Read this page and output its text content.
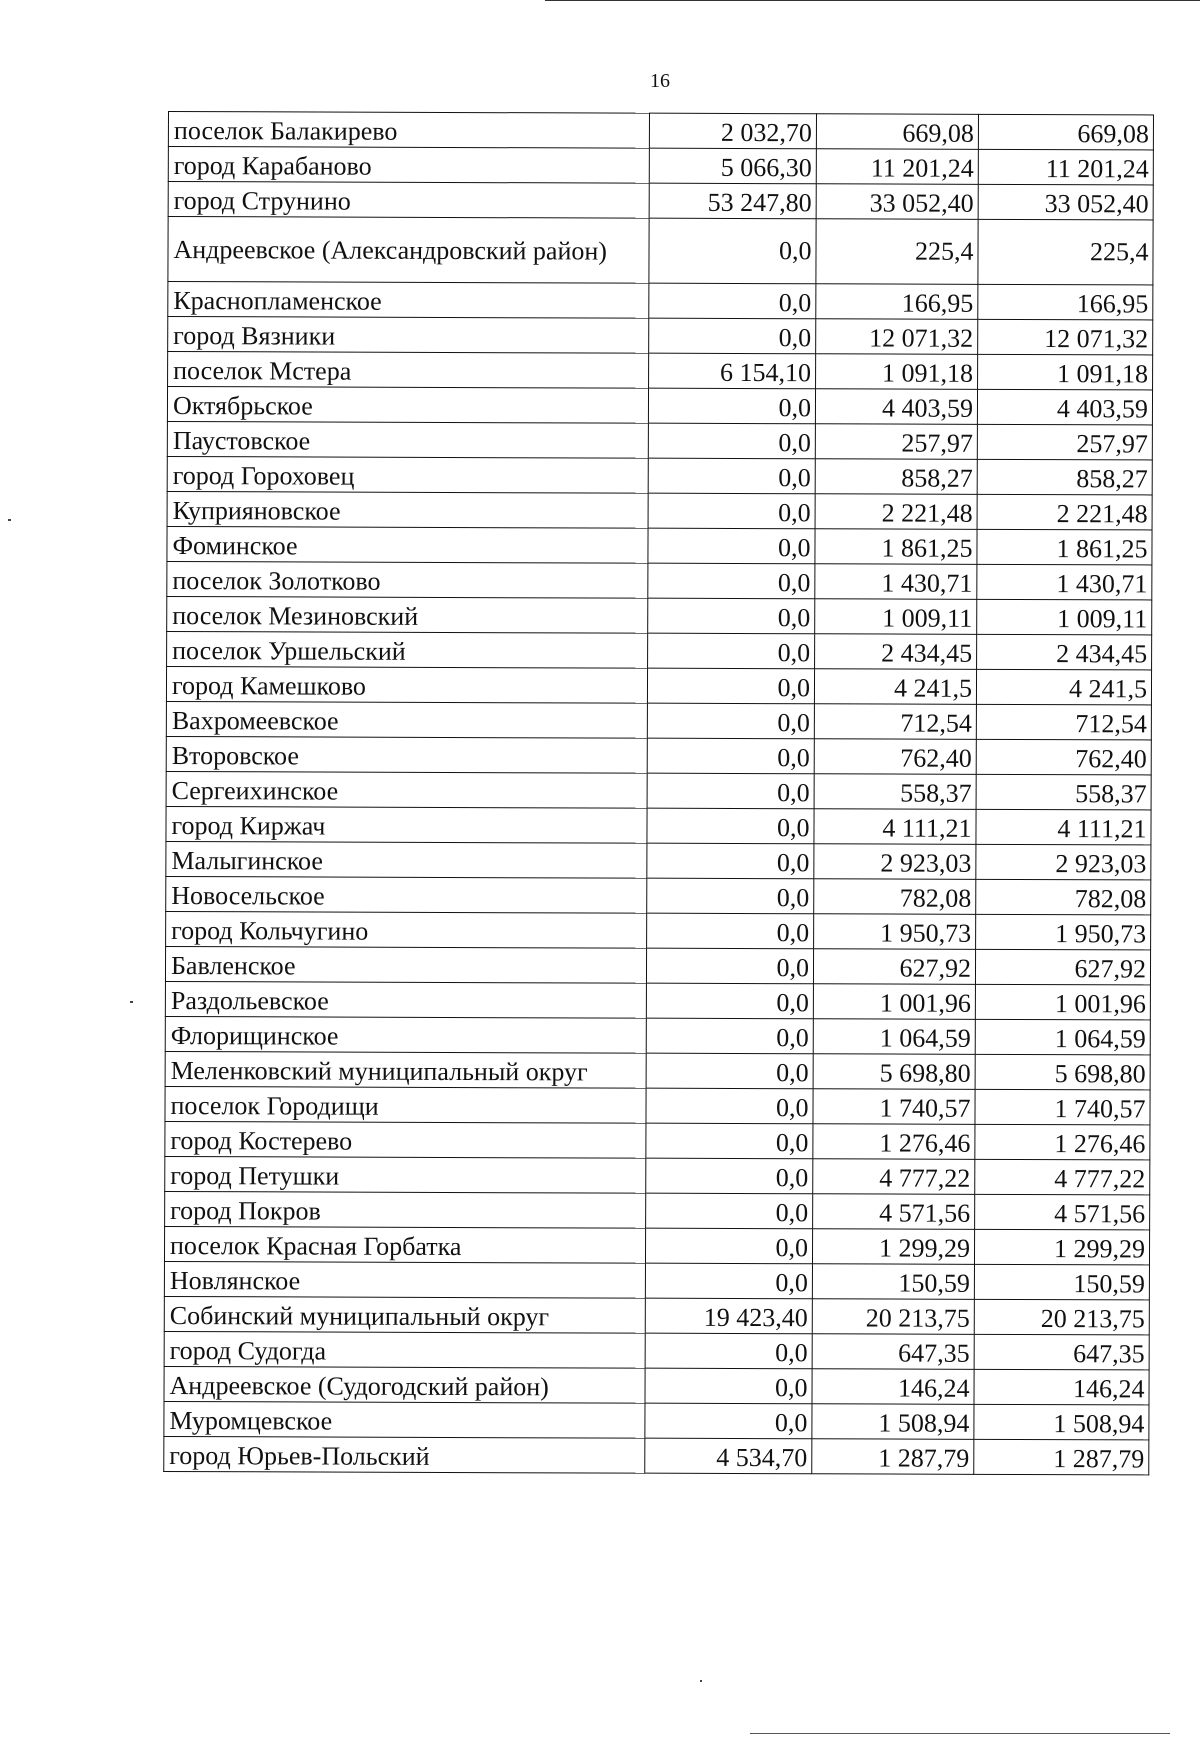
16
поселок Балакирево	2 032,70	669,08	669,08
город Карабаново	5 066,30	11 201,24	11 201,24
город Струнино	53 247,80	33 052,40	33 052,40
Андреевское (Александровский район)	0,0	225,4	225,4
Краснопламенское	0,0	166,95	166,95
город Вязники	0,0	12 071,32	12 071,32
поселок Мстера	6 154,10	1 091,18	1 091,18
Октябрьское	0,0	4 403,59	4 403,59
Паустовское	0,0	257,97	257,97
город Гороховец	0,0	858,27	858,27
Куприяновское	0,0	2 221,48	2 221,48
Фоминское	0,0	1 861,25	1 861,25
поселок Золотково	0,0	1 430,71	1 430,71
поселок Мезиновский	0,0	1 009,11	1 009,11
поселок Уршельский	0,0	2 434,45	2 434,45
город Камешково	0,0	4 241,5	4 241,5
Вахромеевское	0,0	712,54	712,54
Второвское	0,0	762,40	762,40
Сергеихинское	0,0	558,37	558,37
город Киржач	0,0	4 111,21	4 111,21
Малыгинское	0,0	2 923,03	2 923,03
Новосельское	0,0	782,08	782,08
город Кольчугино	0,0	1 950,73	1 950,73
Бавленское	0,0	627,92	627,92
Раздольевское	0,0	1 001,96	1 001,96
Флорищинское	0,0	1 064,59	1 064,59
Меленковский муниципальный округ	0,0	5 698,80	5 698,80
поселок Городищи	0,0	1 740,57	1 740,57
город Костерево	0,0	1 276,46	1 276,46
город Петушки	0,0	4 777,22	4 777,22
город Покров	0,0	4 571,56	4 571,56
поселок Красная Горбатка	0,0	1 299,29	1 299,29
Новлянское	0,0	150,59	150,59
Собинский муниципальный округ	19 423,40	20 213,75	20 213,75
город Судогда	0,0	647,35	647,35
Андреевское (Судогодский район)	0,0	146,24	146,24
Муромцевское	0,0	1 508,94	1 508,94
город Юрьев-Польский	4 534,70	1 287,79	1 287,79
